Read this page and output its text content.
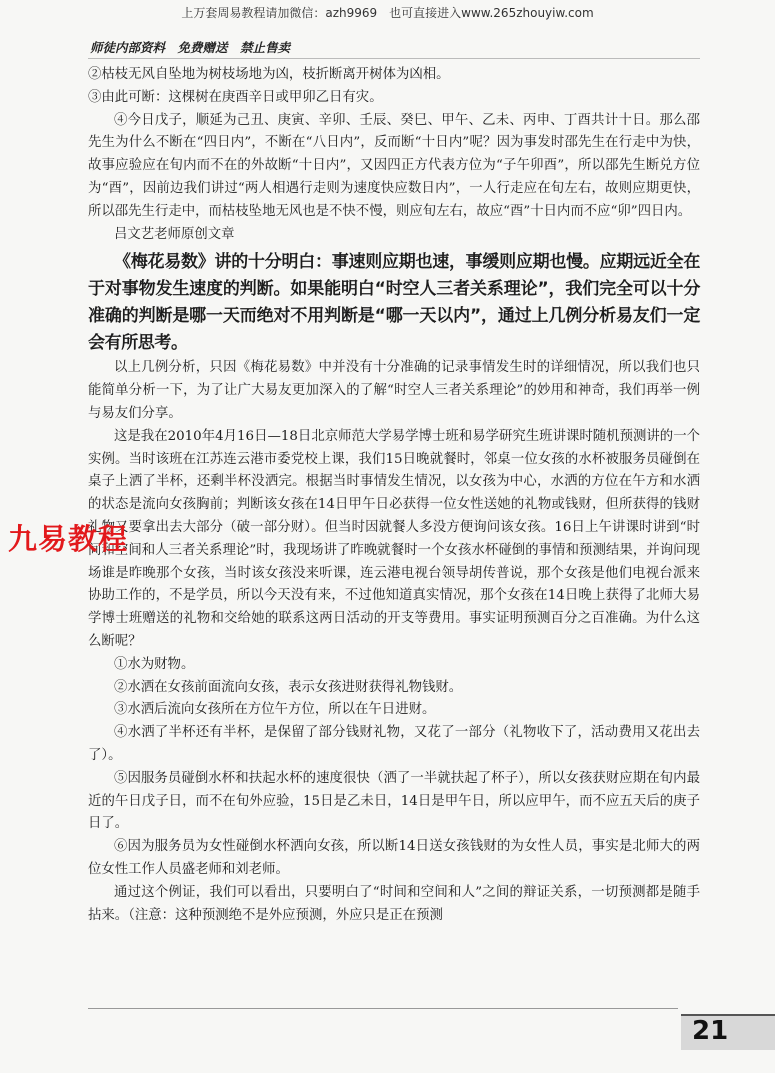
上万套周易教程请加微信：azh9969　也可直接进入www.265zhouyiw.com
师徒内部资料　免费赠送　禁止售卖

②枯枝无风自坠地为树枝场地为凶，枝折断离开树体为凶相。

③由此可断：这棵树在庚酉辛日或甲卯乙日有灾。

④今日戊子，顺延为己丑、庚寅、辛卯、壬辰、癸巳、甲午、乙未、丙申、丁酉共计十日。那么邵先生为什么不断在“四日内”，不断在“八日内”，反而断“十日内”呢？因为事发时邵先生在行走中为快，故事应验应在旬内而不在的外故断“十日内”，又因四正方代表方位为“子午卯酉”，所以邵先生断兑方位为“酉”，因前边我们讲过“两人相遇行走则为速度快应数日内”，一人行走应在旬左右，故则应期更快，所以邵先生行走中，而枯枝坠地无风也是不快不慢，则应旬左右，故应“酉”十日内而不应“卯”四日内。

吕文艺老师原创文章

《梅花易数》讲的十分明白：事速则应期也速，事缓则应期也慢。应期远近全在于对事物发生速度的判断。如果能明白“时空人三者关系理论”，我们完全可以十分准确的判断是哪一天而绝对不用判断是“哪一天以内”，通过上几例分析易友们一定会有所思考。

以上几例分析，只因《梅花易数》中并没有十分准确的记录事情发生时的详细情况，所以我们也只能简单分析一下，为了让广大易友更加深入的了解“时空人三者关系理论”的妙用和神奇，我们再举一例与易友们分享。

这是我在2010年4月16日—18日北京师范大学易学博士班和易学研究生班讲课时随机预测讲的一个实例。当时该班在江苏连云港市委党校上课，我们15日晚就餐时，邻桌一位女孩的水杯被服务员碰倒在桌子上洒了半杯，还剩半杯没洒完。根据当时事情发生情况，以女孩为中心，水洒的方位在午方和水洒的状态是流向女孩胸前；判断该女孩在14日甲午日必获得一位女性送她的礼物或钱财，但所获得的钱财礼物又要拿出去大部分（破一部分财）。但当时因就餐人多没方便询问该女孩。16日上午讲课时讲到“时间和空间和人三者关系理论”时，我现场讲了昨晚就餐时一个女孩水杯碰倒的事情和预测结果，并询问现场谁是昨晚那个女孩，当时该女孩没来听课，连云港电视台领导胡传普说，那个女孩是他们电视台派来协助工作的，不是学员，所以今天没有来，不过他知道真实情况，那个女孩在14日晚上获得了北师大易学博士班赠送的礼物和交给她的联系这两日活动的开支等费用。事实证明预测百分之百准确。为什么这么断呢？

①水为财物。

②水洒在女孩前面流向女孩，表示女孩进财获得礼物钱财。

③水洒后流向女孩所在方位午方位，所以在午日进财。

④水洒了半杯还有半杯，是保留了部分钱财礼物，又花了一部分（礼物收下了，活动费用又花出去了）。

⑤因服务员碰倒水杯和扶起水杯的速度很快（洒了一半就扶起了杯子），所以女孩获财应期在旬内最近的午日戊子日，而不在旬外应验，15日是乙未日，14日是甲午日，所以应甲午，而不应五天后的庚子日了。

⑥因为服务员为女性碰倒水杯洒向女孩，所以断14日送女孩钱财的为女性人员，事实是北师大的两位女性工作人员盛老师和刘老师。

通过这个例证，我们可以看出，只要明白了“时间和空间和人”之间的辩证关系，一切预测都是随手拈来。（注意：这种预测绝不是外应预测，外应只是正在预测

九易教程
21
